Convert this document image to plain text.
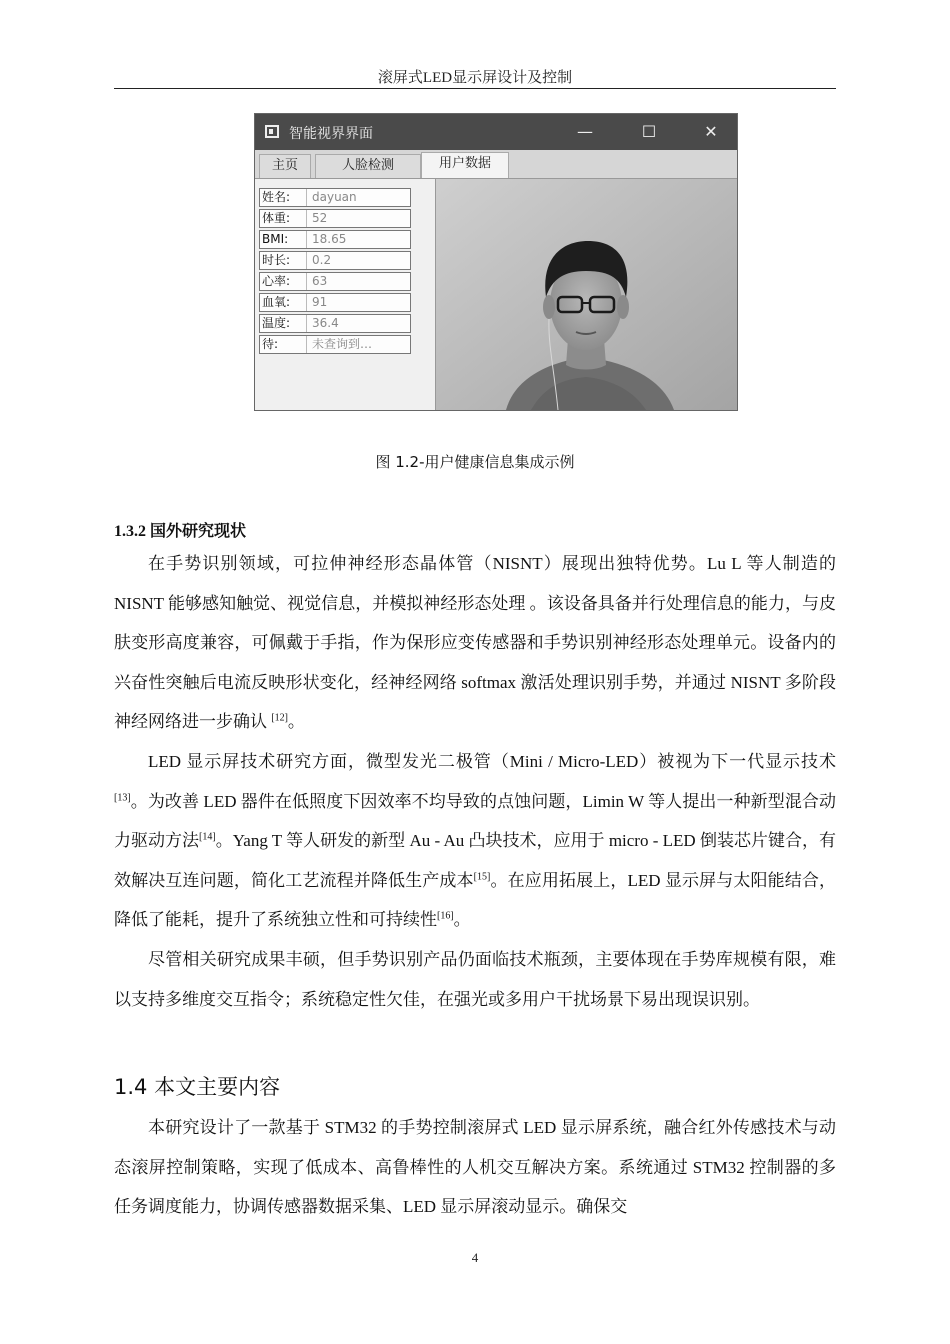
滚屏式LED显示屏设计及控制
智能视界界面	—	☐	✕
主页	人脸检测	用户数据
姓名: dayuan
体重: 52
BMI: 18.65
时长: 0.2
心率: 63
血氧: 91
温度: 36.4
待:	未查询到…
图 1.2-用户健康信息集成示例
1.3.2 国外研究现状

在手势识别领域，可拉伸神经形态晶体管（NISNT）展现出独特优势。Lu L 等人制造的 NISNT 能够感知触觉、视觉信息，并模拟神经形态处理 。该设备具备并行处理信息的能力，与皮肤变形高度兼容，可佩戴于手指，作为保形应变传感器和手势识别神经形态处理单元。设备内的兴奋性突触后电流反映形状变化，经神经网络 softmax 激活处理识别手势，并通过 NISNT 多阶段神经网络进一步确认 [12]。

LED 显示屏技术研究方面，微型发光二极管（Mini / Micro-LED）被视为下一代显示技术[13]。为改善 LED 器件在低照度下因效率不均导致的点蚀问题，Limin W 等人提出一种新型混合动力驱动方法[14]。Yang T 等人研发的新型 Au - Au 凸块技术，应用于 micro - LED 倒装芯片键合，有效解决互连问题，简化工艺流程并降低生产成本[15]。在应用拓展上，LED 显示屏与太阳能结合，降低了能耗，提升了系统独立性和可持续性[16]。

尽管相关研究成果丰硕，但手势识别产品仍面临技术瓶颈，主要体现在手势库规模有限，难以支持多维度交互指令；系统稳定性欠佳，在强光或多用户干扰场景下易出现误识别。

1.4 本文主要内容

本研究设计了一款基于 STM32 的手势控制滚屏式 LED 显示屏系统，融合红外传感技术与动态滚屏控制策略，实现了低成本、高鲁棒性的人机交互解决方案。系统通过 STM32 控制器的多任务调度能力，协调传感器数据采集、LED 显示屏滚动显示。确保交

4
